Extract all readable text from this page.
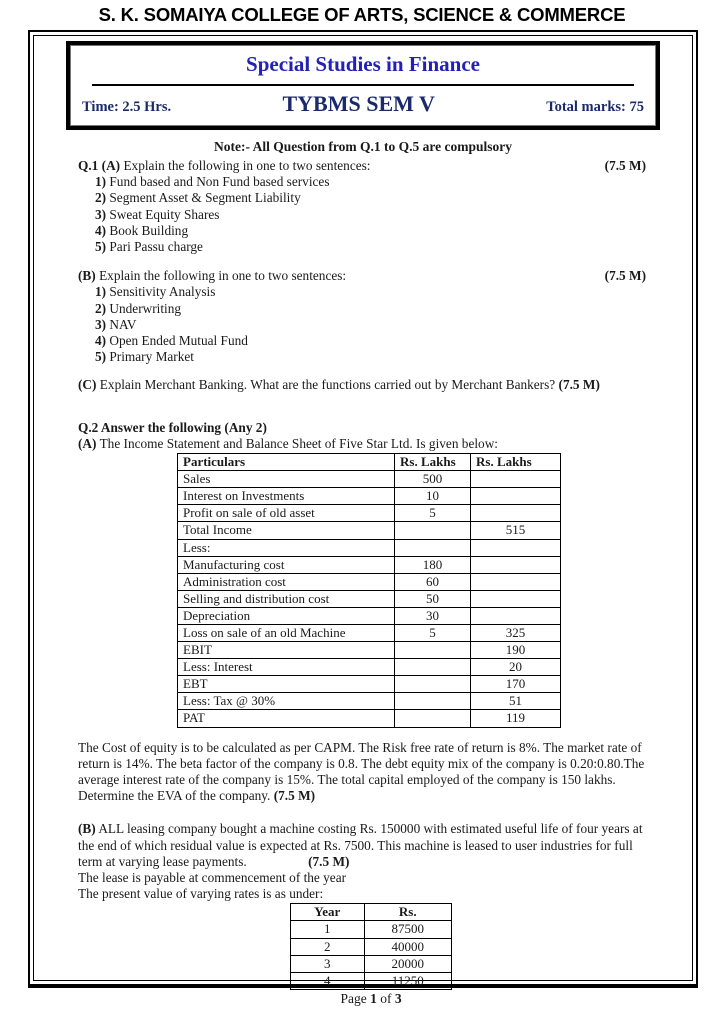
S. K. SOMAIYA COLLEGE OF ARTS, SCIENCE & COMMERCE
Special Studies in Finance
Time: 2.5 Hrs.	TYBMS SEM V	Total marks: 75
Note:- All Question from Q.1 to Q.5 are compulsory
Q.1 (A) Explain the following in one to two sentences:	(7.5 M)
1) Fund based and Non Fund based services
2) Segment Asset & Segment Liability
3) Sweat Equity Shares
4) Book Building
5) Pari Passu charge
(B) Explain the following in one to two sentences:	(7.5 M)
1) Sensitivity Analysis
2) Underwriting
3) NAV
4) Open Ended Mutual Fund
5) Primary Market
(C) Explain Merchant Banking. What are the functions carried out by Merchant Bankers? (7.5 M)
Q.2 Answer the following (Any 2)
(A) The Income Statement and Balance Sheet of Five Star Ltd. Is given below:
Particulars	Rs. Lakhs	Rs. Lakhs
Sales	500	
Interest on Investments	10	
Profit on sale of old asset	5	
Total Income		515
Less:		
Manufacturing cost	180	
Administration cost	60	
Selling and distribution cost	50	
Depreciation	30	
Loss on sale of an old Machine	5	325
EBIT		190
Less: Interest		20
EBT		170
Less: Tax @ 30%		51
PAT		119
The Cost of equity is to be calculated as per CAPM. The Risk free rate of return is 8%. The market rate of return is 14%. The beta factor of the company is 0.8. The debt equity mix of the company is 0.20:0.80.The average interest rate of the company is 15%. The total capital employed of the company is 150 lakhs. Determine the EVA of the company. (7.5 M)
(B) ALL leasing company bought a machine costing Rs. 150000 with estimated useful life of four years at the end of which residual value is expected at Rs. 7500. This machine is leased to user industries for full term at varying lease payments.	(7.5 M)
The lease is payable at commencement of the year
The present value of varying rates is as under:
Year	Rs.
1	87500
2	40000
3	20000
4	11250
Page 1 of 3
